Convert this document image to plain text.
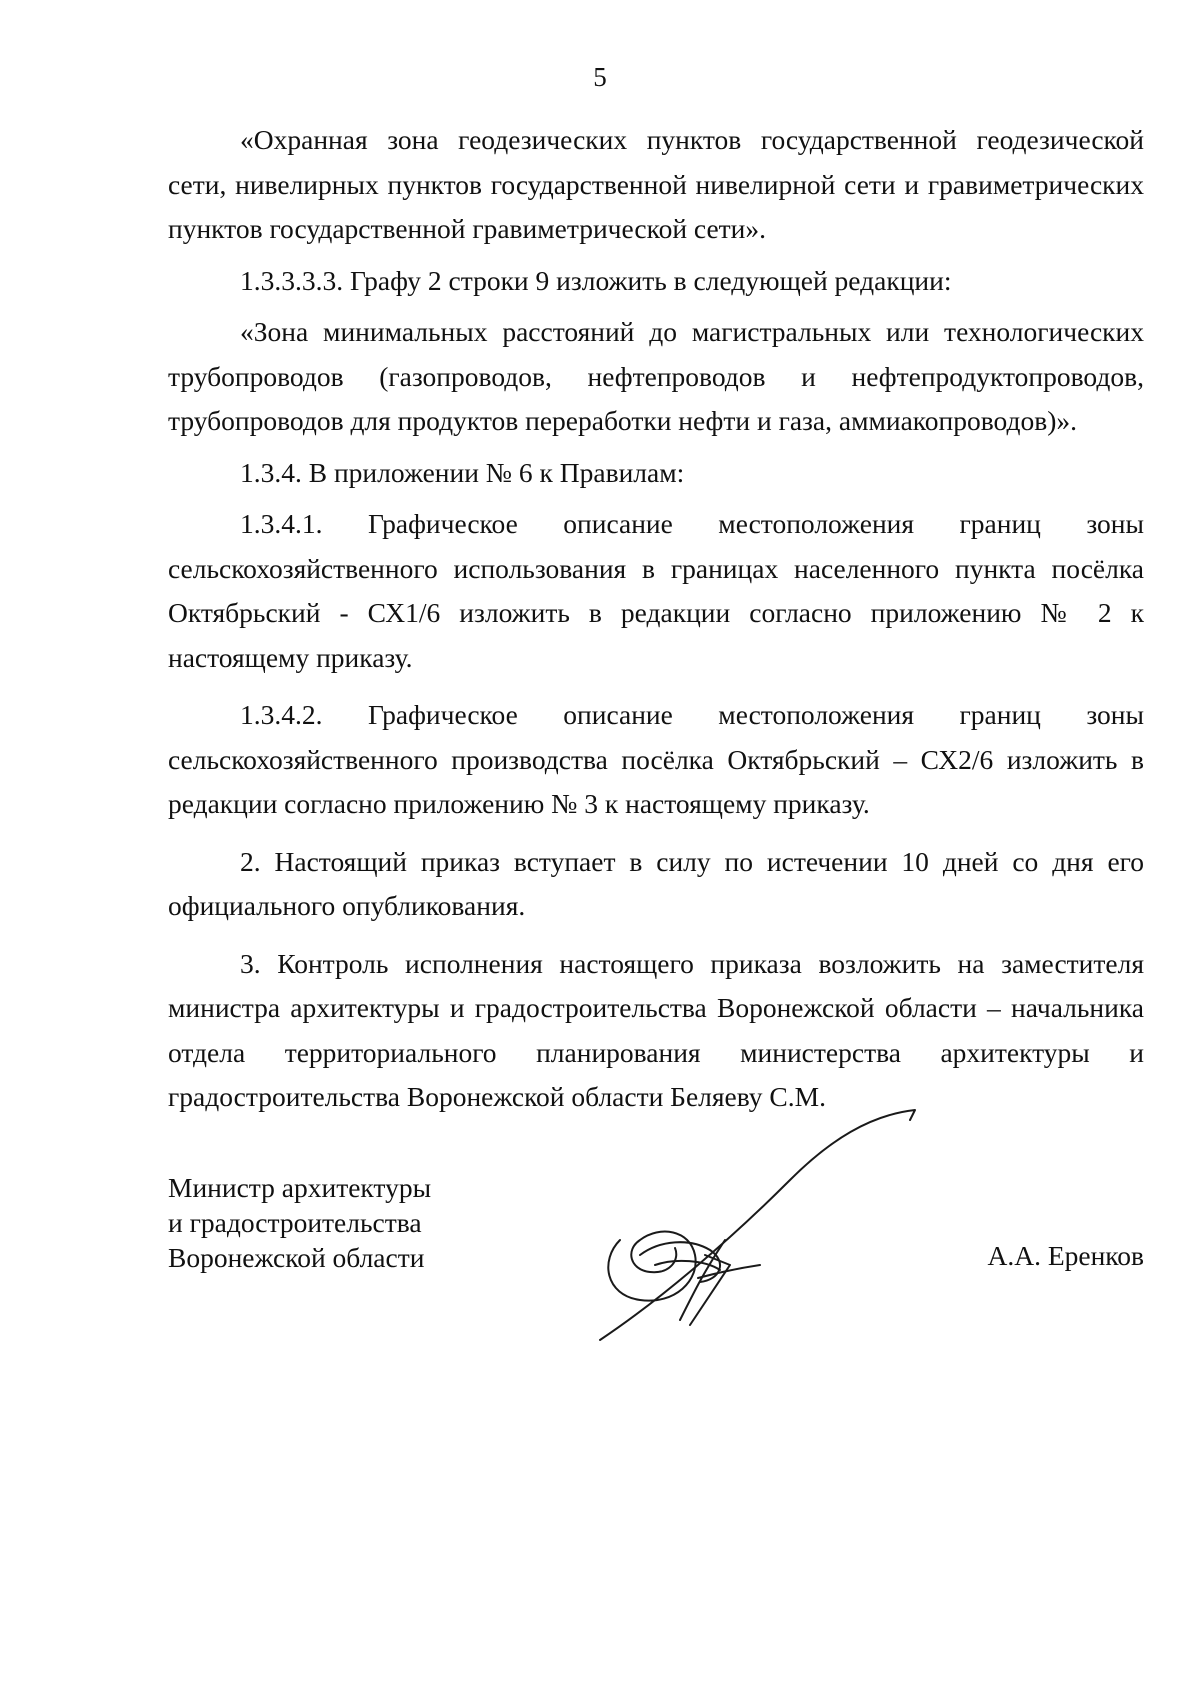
5

«Охранная зона геодезических пунктов государственной геодезической сети, нивелирных пунктов государственной нивелирной сети и гравиметрических пунктов государственной гравиметрической сети».

1.3.3.3.3. Графу 2 строки 9 изложить в следующей редакции:

«Зона минимальных расстояний до магистральных или технологических трубопроводов (газопроводов, нефтепроводов и нефтепродуктопроводов, трубопроводов для продуктов переработки нефти и газа, аммиакопроводов)».

1.3.4. В приложении № 6 к Правилам:

1.3.4.1. Графическое описание местоположения границ зоны сельскохозяйственного использования в границах населенного пункта посёлка Октябрьский - СХ1/6 изложить в редакции согласно приложению № 2 к настоящему приказу.

1.3.4.2. Графическое описание местоположения границ зоны сельскохозяйственного производства посёлка Октябрьский – СХ2/6 изложить в редакции согласно приложению № 3 к настоящему приказу.

2. Настоящий приказ вступает в силу по истечении 10 дней со дня его официального опубликования.

3. Контроль исполнения настоящего приказа возложить на заместителя министра архитектуры и градостроительства Воронежской области – начальника отдела территориального планирования министерства архитектуры и градостроительства Воронежской области Беляеву С.М.

Министр архитектуры
и градостроительства
Воронежской области	А.А. Еренков
